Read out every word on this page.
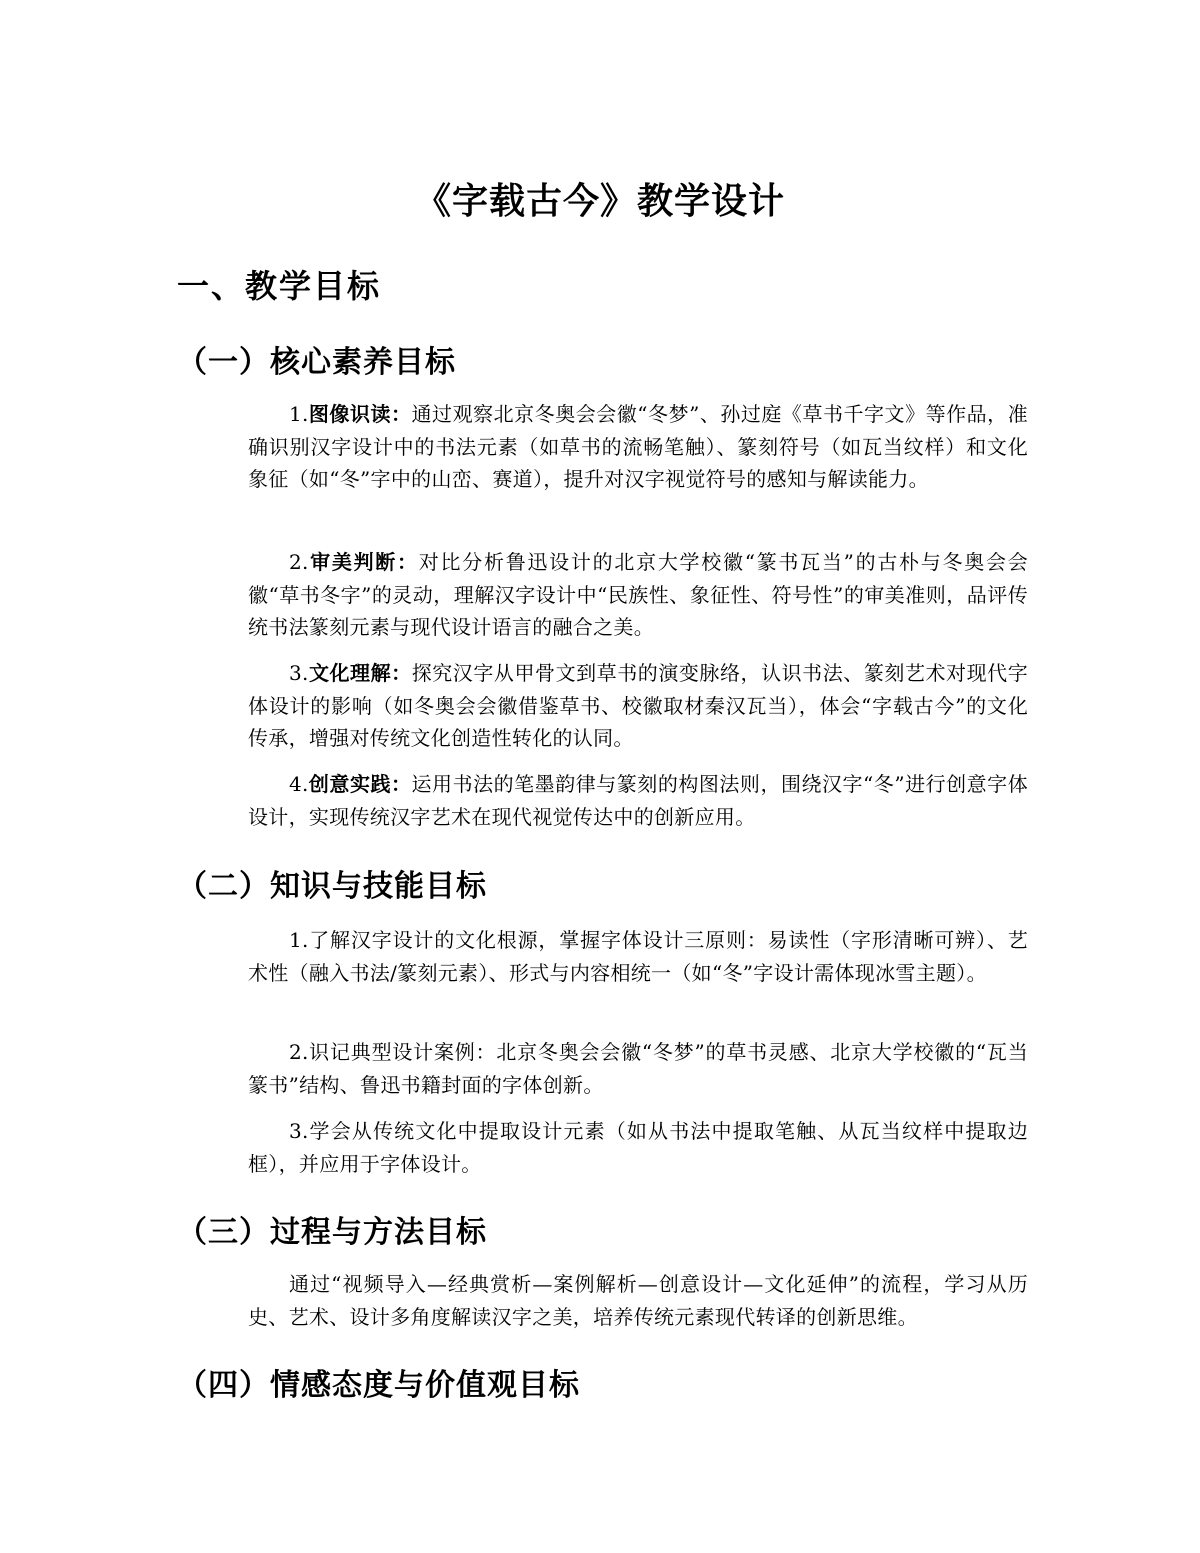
《字载古今》教学设计
一、教学目标
（一）核心素养目标

1.图像识读：通过观察北京冬奥会会徽“冬梦”、孙过庭《草书千字文》等作品，准确识别汉字设计中的书法元素（如草书的流畅笔触）、篆刻符号（如瓦当纹样）和文化象征（如“冬”字中的山峦、赛道），提升对汉字视觉符号的感知与解读能力。

2.审美判断：对比分析鲁迅设计的北京大学校徽“篆书瓦当”的古朴与冬奥会会徽“草书冬字”的灵动，理解汉字设计中“民族性、象征性、符号性”的审美准则，品评传统书法篆刻元素与现代设计语言的融合之美。

3.文化理解：探究汉字从甲骨文到草书的演变脉络，认识书法、篆刻艺术对现代字体设计的影响（如冬奥会会徽借鉴草书、校徽取材秦汉瓦当），体会“字载古今”的文化传承，增强对传统文化创造性转化的认同。

4.创意实践：运用书法的笔墨韵律与篆刻的构图法则，围绕汉字“冬”进行创意字体设计，实现传统汉字艺术在现代视觉传达中的创新应用。

（二）知识与技能目标

1.了解汉字设计的文化根源，掌握字体设计三原则：易读性（字形清晰可辨）、艺术性（融入书法/篆刻元素）、形式与内容相统一（如“冬”字设计需体现冰雪主题）。

2.识记典型设计案例：北京冬奥会会徽“冬梦”的草书灵感、北京大学校徽的“瓦当篆书”结构、鲁迅书籍封面的字体创新。

3.学会从传统文化中提取设计元素（如从书法中提取笔触、从瓦当纹样中提取边框），并应用于字体设计。

（三）过程与方法目标

通过“视频导入—经典赏析—案例解析—创意设计—文化延伸”的流程，学习从历史、艺术、设计多角度解读汉字之美，培养传统元素现代转译的创新思维。

（四）情感态度与价值观目标
